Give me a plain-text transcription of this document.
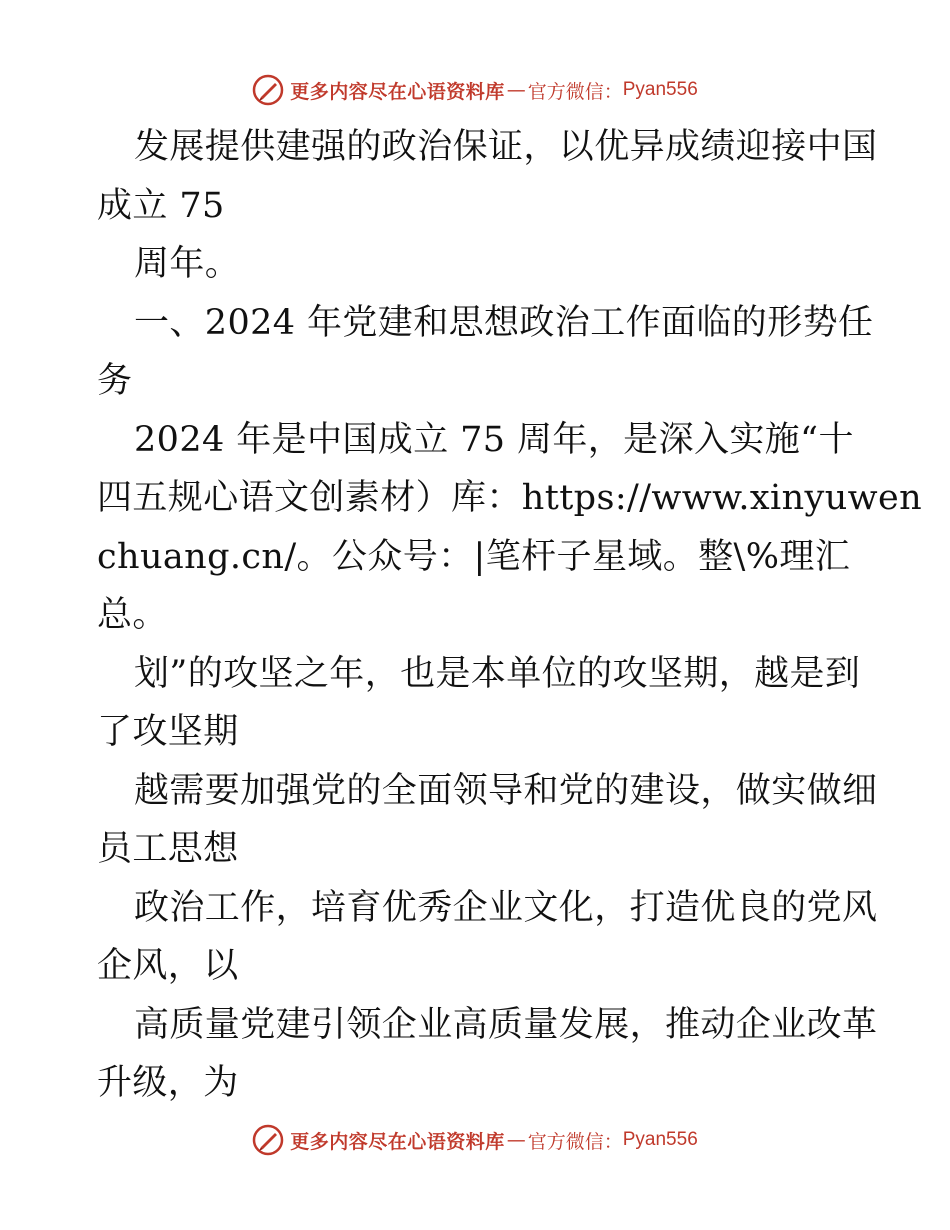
更多内容尽在心语资料库 — 官方微信： Pyan556
发展提供建强的政治保证，以优异成绩迎接中国
成立 75
周年。
一、2024 年党建和思想政治工作面临的形势任
务
2024 年是中国成立 75 周年，是深入实施“十
四五规心语文创素材）库：https://www.xinyuwen
chuang.cn/。公众号：|笔杆子星域。整\%理汇
总。
划”的攻坚之年，也是本单位的攻坚期，越是到
了攻坚期
越需要加强党的全面领导和党的建设，做实做细
员工思想
政治工作，培育优秀企业文化，打造优良的党风
企风，以
高质量党建引领企业高质量发展，推动企业改革
升级，为
更多内容尽在心语资料库 — 官方微信： Pyan556
